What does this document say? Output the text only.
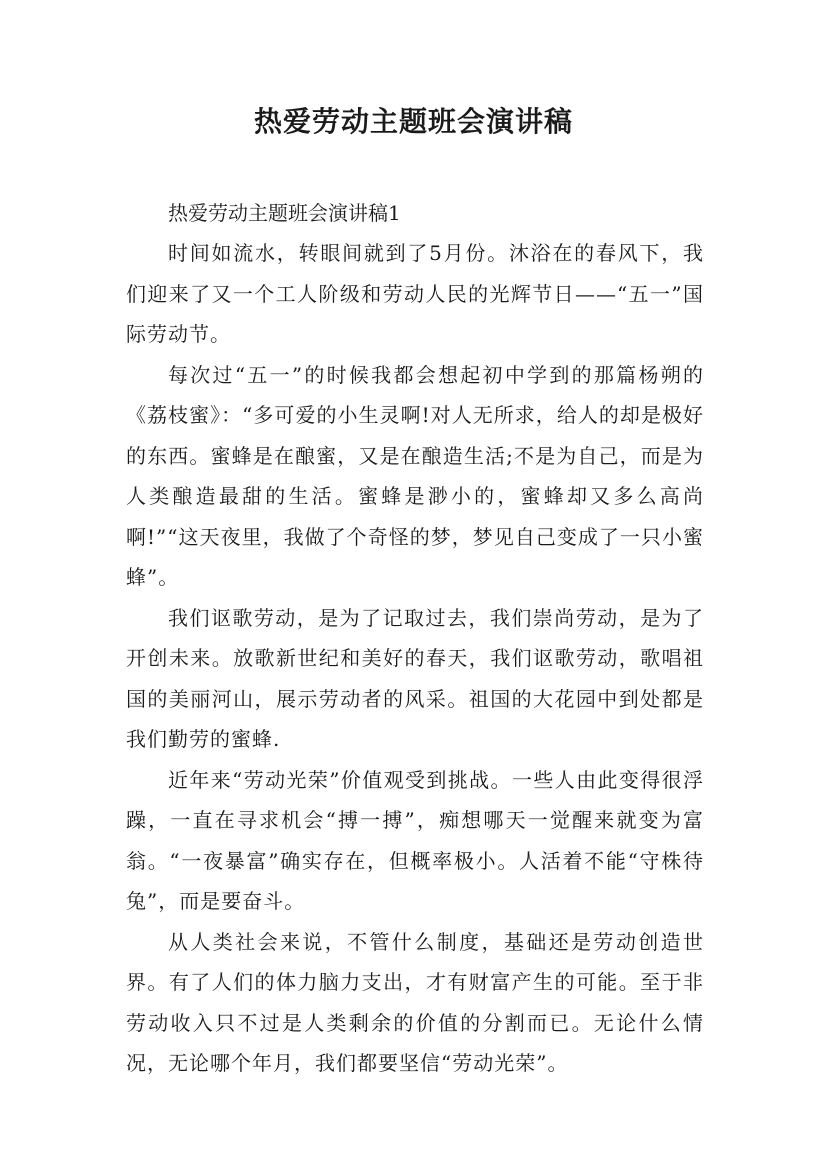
热爱劳动主题班会演讲稿

热爱劳动主题班会演讲稿1

时间如流水，转眼间就到了5月份。沐浴在的春风下，我们迎来了又一个工人阶级和劳动人民的光辉节日——“五一”国际劳动节。

每次过“五一”的时候我都会想起初中学到的那篇杨朔的《荔枝蜜》：“多可爱的小生灵啊!对人无所求，给人的却是极好的东西。蜜蜂是在酿蜜，又是在酿造生活;不是为自己，而是为人类酿造最甜的生活。蜜蜂是渺小的，蜜蜂却又多么高尚啊!”“这天夜里，我做了个奇怪的梦，梦见自己变成了一只小蜜蜂”。

我们讴歌劳动，是为了记取过去，我们崇尚劳动，是为了开创未来。放歌新世纪和美好的春天，我们讴歌劳动，歌唱祖国的美丽河山，展示劳动者的风采。祖国的大花园中到处都是我们勤劳的蜜蜂.

近年来“劳动光荣”价值观受到挑战。一些人由此变得很浮躁，一直在寻求机会“搏一搏”，痴想哪天一觉醒来就变为富翁。“一夜暴富”确实存在，但概率极小。人活着不能“守株待兔”，而是要奋斗。

从人类社会来说，不管什么制度，基础还是劳动创造世界。有了人们的体力脑力支出，才有财富产生的可能。至于非劳动收入只不过是人类剩余的价值的分割而已。无论什么情况，无论哪个年月，我们都要坚信“劳动光荣”。
